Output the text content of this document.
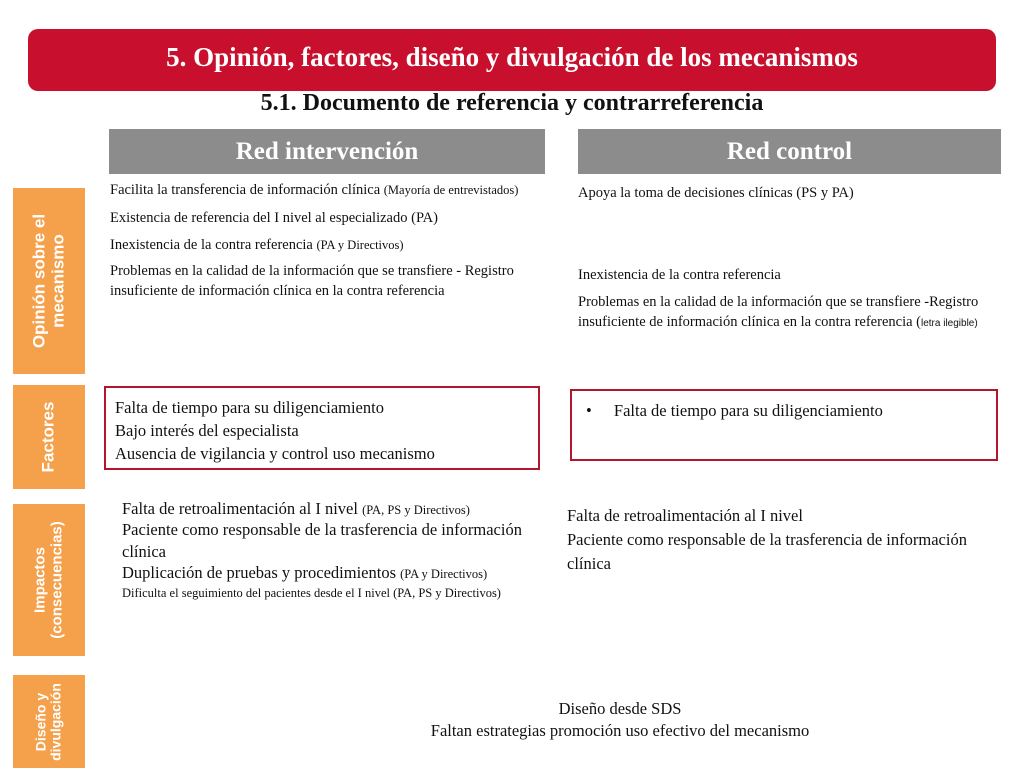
5. Opinión, factores, diseño y divulgación de los mecanismos
5.1. Documento de referencia y contrarreferencia
Red intervención	Red control
Opinión sobre el mecanismo
Factores
Impactos (consecuencias)
Diseño y divulgación

Facilita la transferencia de información clínica (Mayoría de entrevistados)

Existencia de referencia del I nivel al especializado (PA)

Inexistencia de la contra referencia (PA y Directivos)

Problemas en la calidad de la información que se transfiere - Registro insuficiente de información clínica en la contra referencia

Apoya la toma de decisiones clínicas (PS y PA)

Inexistencia de la contra referencia

Problemas en la calidad de la información que se transfiere -Registro insuficiente de información clínica en la contra referencia (letra ilegible)

Falta de tiempo para su diligenciamiento

Bajo interés del especialista

Ausencia de vigilancia y control uso mecanismo

• Falta de tiempo para su diligenciamiento

Falta de retroalimentación al I nivel (PA, PS y Directivos)

Paciente como responsable de la trasferencia de información clínica

Duplicación de pruebas y procedimientos (PA y Directivos)

Dificulta el seguimiento del pacientes desde el I nivel (PA, PS y Directivos)

Falta de retroalimentación al I nivel

Paciente como responsable de la trasferencia de información clínica

Diseño desde SDS

Faltan estrategias promoción uso efectivo del mecanismo
